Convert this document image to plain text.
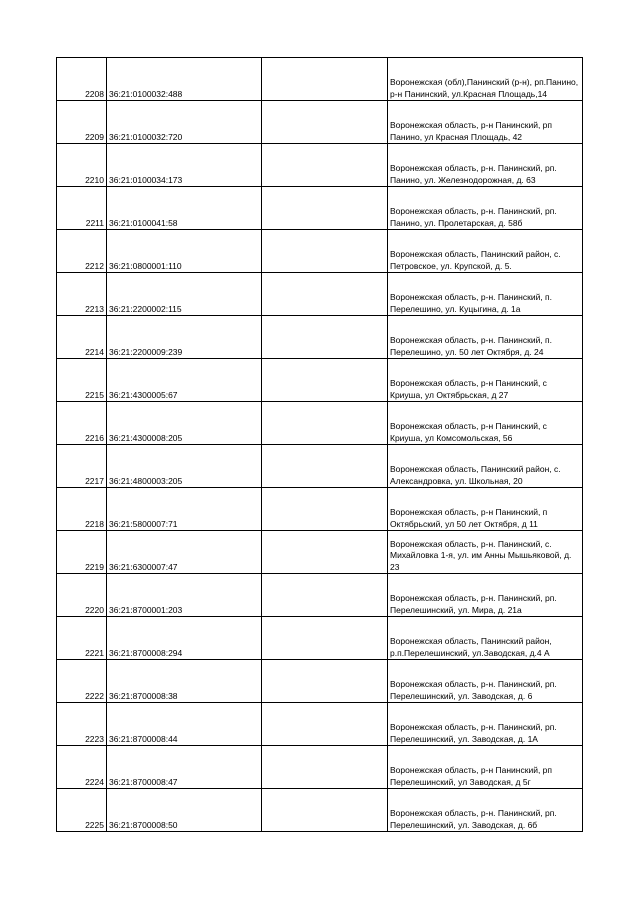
2208	36:21:0100032:488		Воронежская (обл),Панинский (р-н), рп.Панино, р-н Панинский, ул.Красная Площадь,14
2209	36:21:0100032:720		Воронежская область, р-н Панинский, рп Панино, ул Красная Площадь, 42
2210	36:21:0100034:173		Воронежская область, р-н. Панинский, рп. Панино, ул. Железнодорожная, д. 63
2211	36:21:0100041:58		Воронежская область, р-н. Панинский, рп. Панино, ул. Пролетарская, д. 58б
2212	36:21:0800001:110		Воронежская область, Панинский район, с. Петровское, ул. Крупской, д. 5.
2213	36:21:2200002:115		Воронежская область, р-н. Панинский, п. Перелешино, ул. Куцыгина, д. 1а
2214	36:21:2200009:239		Воронежская область, р-н. Панинский, п. Перелешино, ул. 50 лет Октября, д. 24
2215	36:21:4300005:67		Воронежская область, р-н Панинский, с Криуша, ул Октябрьская, д 27
2216	36:21:4300008:205		Воронежская область, р-н Панинский, с Криуша, ул Комсомольская, 56
2217	36:21:4800003:205		Воронежская область, Панинский район, с. Александровка, ул. Школьная, 20
2218	36:21:5800007:71		Воронежская область, р-н Панинский, п Октябрьский, ул 50 лет Октября, д 11
2219	36:21:6300007:47		Воронежская область, р-н. Панинский, с. Михайловка 1-я, ул. им Анны Мышьяковой, д. 23
2220	36:21:8700001:203		Воронежская область, р-н. Панинский, рп. Перелешинский, ул. Мира, д. 21а
2221	36:21:8700008:294		Воронежская область, Панинский район, р.п.Перелешинский, ул.Заводская, д.4 А
2222	36:21:8700008:38		Воронежская область, р-н. Панинский, рп. Перелешинский, ул. Заводская, д. 6
2223	36:21:8700008:44		Воронежская область, р-н. Панинский, рп. Перелешинский, ул. Заводская, д. 1А
2224	36:21:8700008:47		Воронежская область, р-н Панинский, рп Перелешинский, ул Заводская, д 5г
2225	36:21:8700008:50		Воронежская область, р-н. Панинский, рп. Перелешинский, ул. Заводская, д. 6б
